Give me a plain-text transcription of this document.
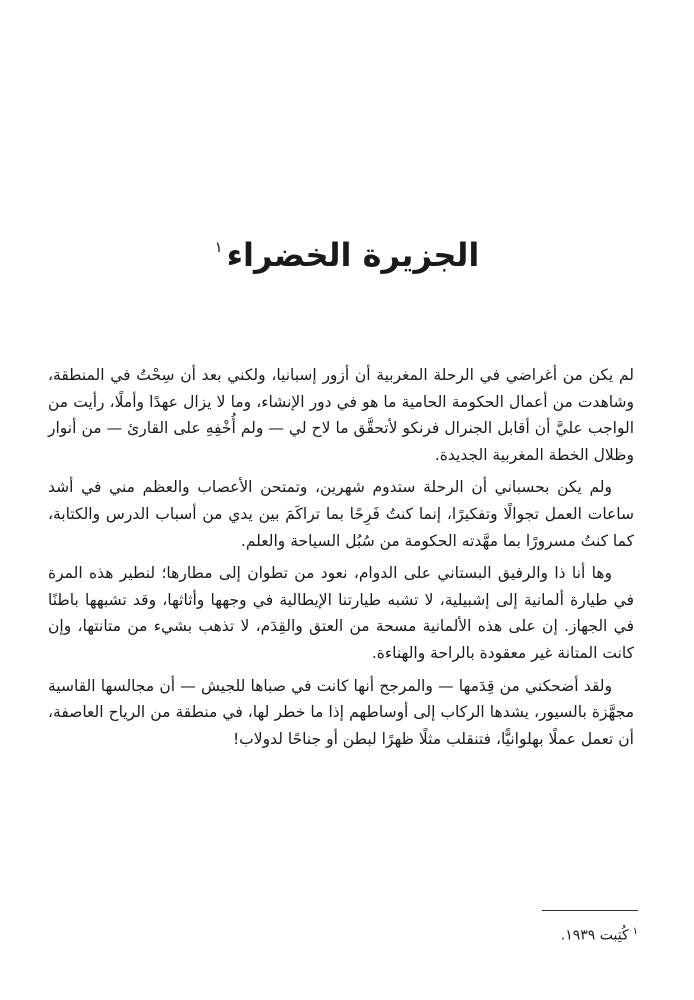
الجزيرة الخضراء$^١$

لم يكن من أغراضي في الرحلة المغربية أن أزور إسبانيا، ولكني بعد أن سِحْتُ في المنطقة، وشاهدت من أعمال الحكومة الحامية ما هو في دور الإنشاء، وما لا يزال عهدًا وأملًا، رأيت من الواجب عليَّ أن أقابل الجنرال فرنكو لأتحقَّق ما لاح لي — ولم أُخْفِهِ على القارئ — من أنوار وظلال الخطة المغربية الجديدة.

ولم يكن بحسباني أن الرحلة ستدوم شهرين، وتمتحن الأعصاب والعظم مني في أشد ساعات العمل تجوالًا وتفكيرًا، إنما كنتُ فَرِحًا بما تراكَمَ بين يدي من أسباب الدرس والكتابة، كما كنتُ مسرورًا بما مهَّدته الحكومة من سُبُل السياحة والعلم.

وها أنا ذا والرفيق البستاني على الدوام، نعود من تطوان إلى مطارها؛ لنطير هذه المرة في طيارة ألمانية إلى إشبيلية، لا تشبه طيارتنا الإيطالية في وجهها وأثاثها، وقد تشبهها باطنًا في الجهاز. إن على هذه الألمانية مسحة من العتق والقِدَم، لا تذهب بشيء من متانتها، وإن كانت المتانة غير معقودة بالراحة والهناءة.

ولقد أضحكني من قِدَمها — والمرجح أنها كانت في صباها للجيش — أن مجالسها القاسية مجهَّزة بالسيور، يشدها الركاب إلى أوساطهم إذا ما خطر لها، في منطقة من الرياح العاصفة، أن تعمل عملًا بهلوانيًّا، فتنقلب مثلًا ظهرًا لبطن أو جناحًا لدولاب!

$^١$كُتِبت ١٩٣٩.
